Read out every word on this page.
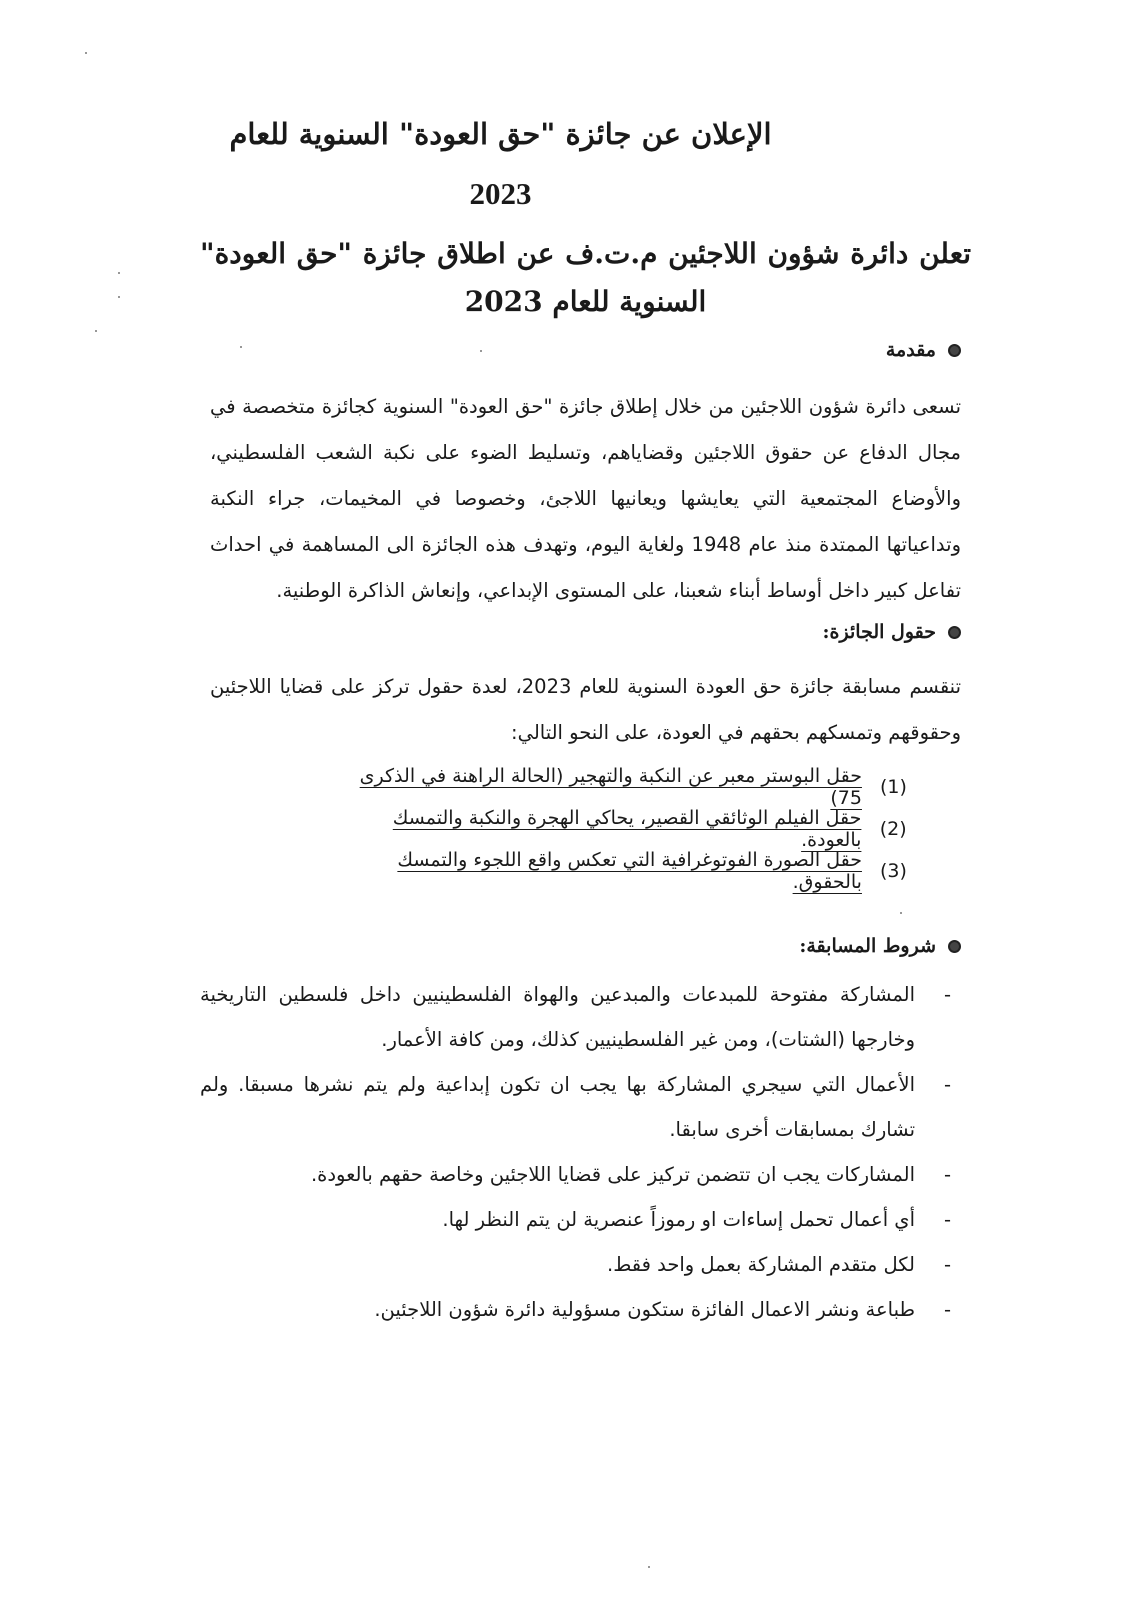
الإعلان عن جائزة "حق العودة" السنوية للعام
2023
تعلن دائرة شؤون اللاجئين م.ت.ف عن اطلاق جائزة "حق العودة" السنوية للعام 2023
مقدمة
تسعى دائرة شؤون اللاجئين من خلال إطلاق جائزة "حق العودة" السنوية كجائزة متخصصة في مجال الدفاع عن حقوق اللاجئين وقضاياهم، وتسليط الضوء على نكبة الشعب الفلسطيني، والأوضاع المجتمعية التي يعايشها ويعانيها اللاجئ، وخصوصا في المخيمات، جراء النكبة وتداعياتها الممتدة منذ عام 1948 ولغاية اليوم، وتهدف هذه الجائزة الى المساهمة في احداث تفاعل كبير داخل أوساط أبناء شعبنا، على المستوى الإبداعي، وإنعاش الذاكرة الوطنية.
حقول الجائزة:
تنقسم مسابقة جائزة حق العودة السنوية للعام 2023، لعدة حقول تركز على قضايا اللاجئين وحقوقهم وتمسكهم بحقهم في العودة، على النحو التالي:
(1)
حقل البوستر معبر عن النكبة والتهجير (الحالة الراهنة في الذكرى 75)
(2)
حقل الفيلم الوثائقي القصير، يحاكي الهجرة والنكبة والتمسك بالعودة.
(3)
حقل الصورة الفوتوغرافية التي تعكس واقع اللجوء والتمسك بالحقوق.
شروط المسابقة:
-
المشاركة مفتوحة للمبدعات والمبدعين والهواة الفلسطينيين داخل فلسطين التاريخية وخارجها (الشتات)، ومن غير الفلسطينيين كذلك، ومن كافة الأعمار.
-
الأعمال التي سيجري المشاركة بها يجب ان تكون إبداعية ولم يتم نشرها مسبقا. ولم تشارك بمسابقات أخرى سابقا.
-
المشاركات يجب ان تتضمن تركيز على قضايا اللاجئين وخاصة حقهم بالعودة.
-
أي أعمال تحمل إساءات او رموزاً عنصرية لن يتم النظر لها.
-
لكل متقدم المشاركة بعمل واحد فقط.
-
طباعة ونشر الاعمال الفائزة ستكون مسؤولية دائرة شؤون اللاجئين.
